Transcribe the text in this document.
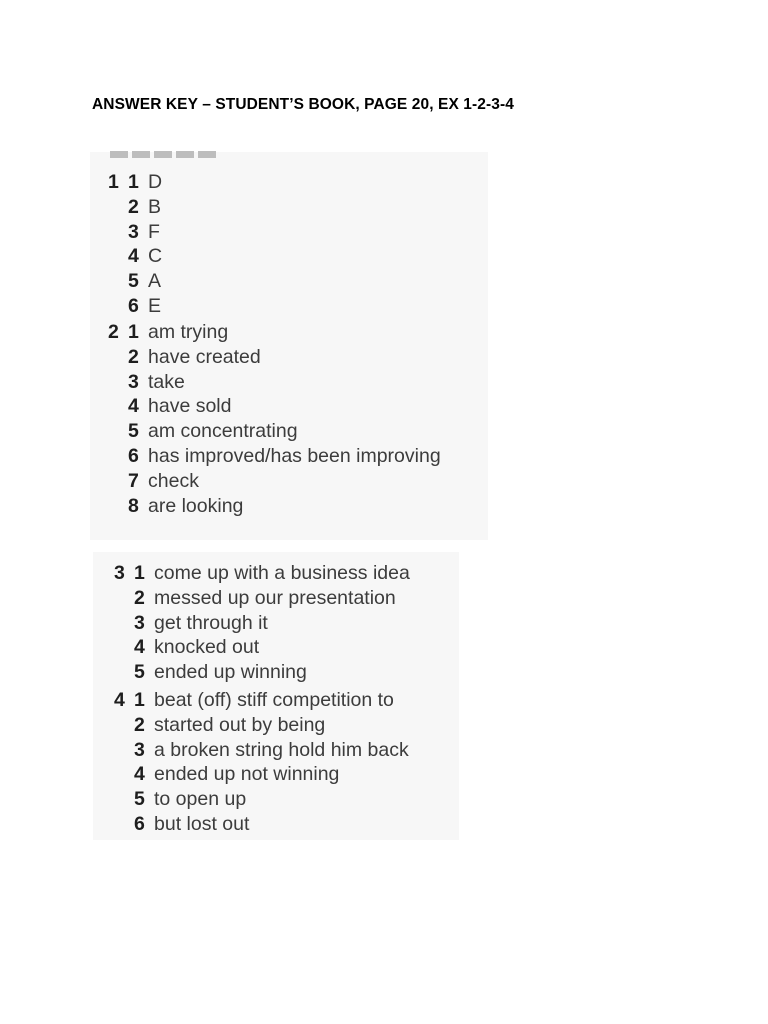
ANSWER KEY – STUDENT’S BOOK, PAGE 20, EX 1-2-3-4
1 1 D
2 B
3 F
4 C
5 A
6 E
2 1 am trying
2 have created
3 take
4 have sold
5 am concentrating
6 has improved/has been improving
7 check
8 are looking
3 1 come up with a business idea
2 messed up our presentation
3 get through it
4 knocked out
5 ended up winning
4 1 beat (off) stiff competition to
2 started out by being
3 a broken string hold him back
4 ended up not winning
5 to open up
6 but lost out
